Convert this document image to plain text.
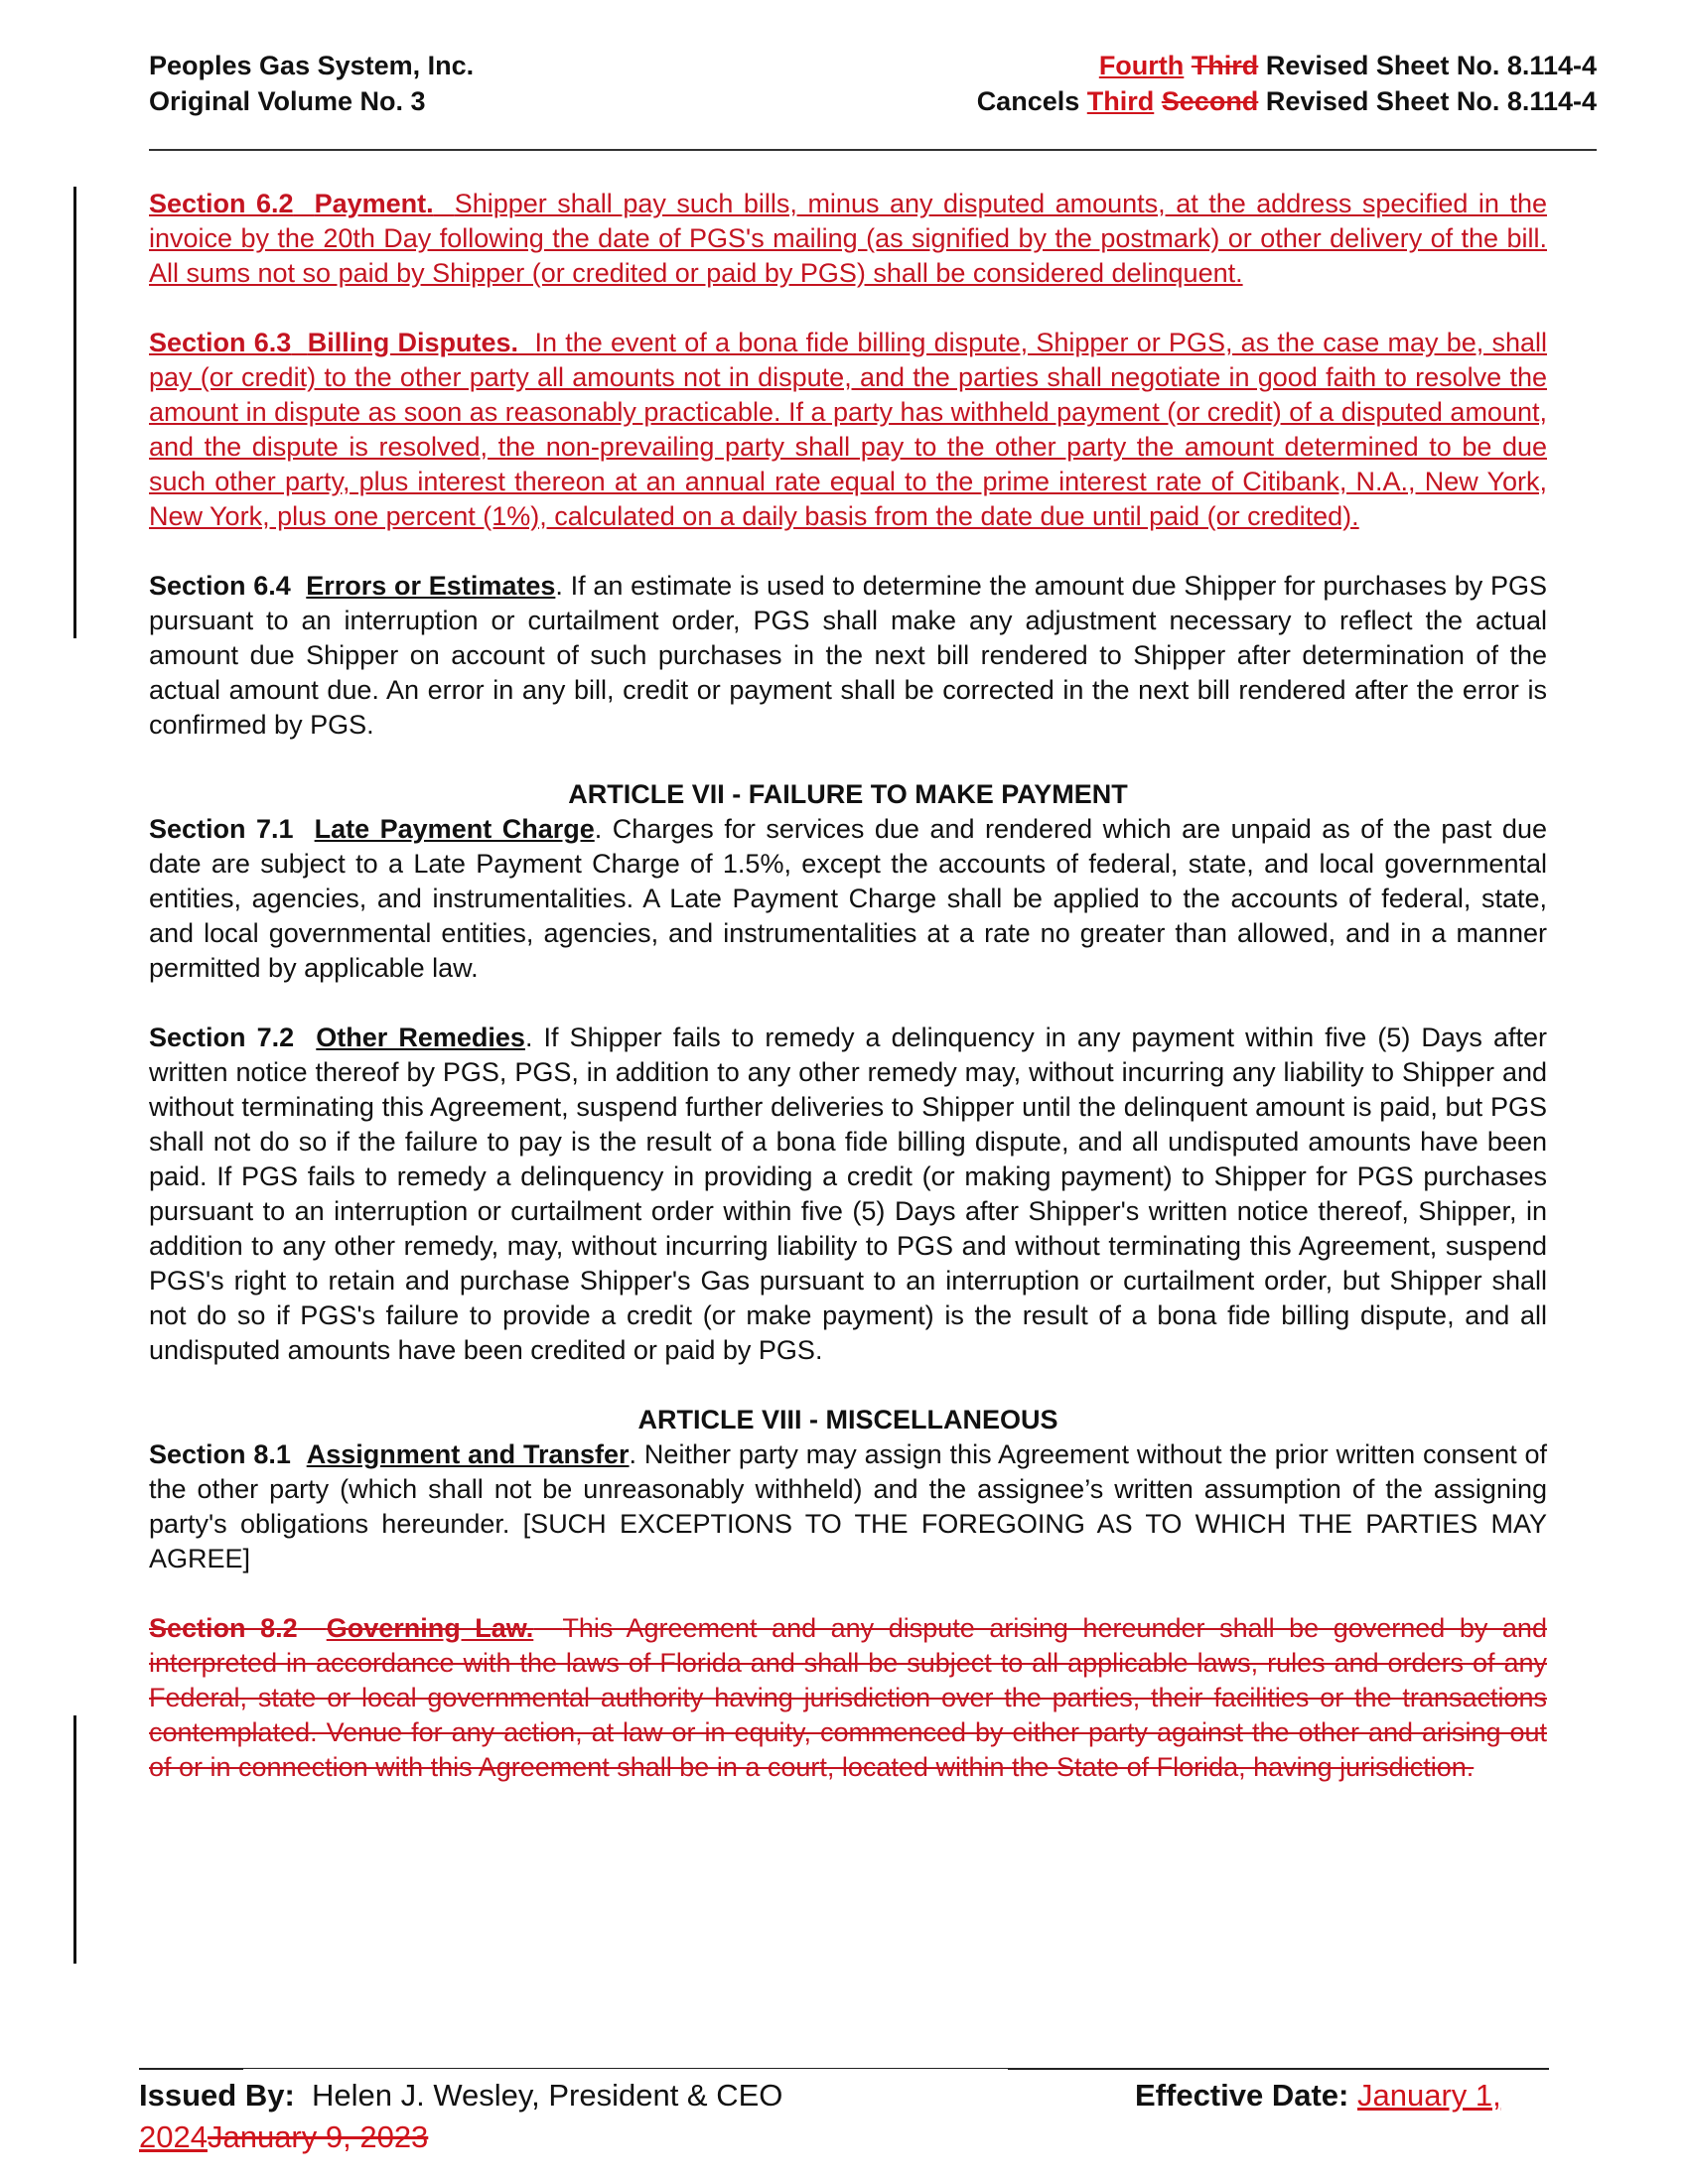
Peoples Gas System, Inc.
Original Volume No. 3
Fourth Third Revised Sheet No. 8.114-4
Cancels Third Second Revised Sheet No. 8.114-4

Section 6.2 Payment. Shipper shall pay such bills, minus any disputed amounts, at the address specified in the invoice by the 20th Day following the date of PGS's mailing (as signified by the postmark) or other delivery of the bill. All sums not so paid by Shipper (or credited or paid by PGS) shall be considered delinquent.

Section 6.3 Billing Disputes. In the event of a bona fide billing dispute, Shipper or PGS, as the case may be, shall pay (or credit) to the other party all amounts not in dispute, and the parties shall negotiate in good faith to resolve the amount in dispute as soon as reasonably practicable. If a party has withheld payment (or credit) of a disputed amount, and the dispute is resolved, the non-prevailing party shall pay to the other party the amount determined to be due such other party, plus interest thereon at an annual rate equal to the prime interest rate of Citibank, N.A., New York, New York, plus one percent (1%), calculated on a daily basis from the date due until paid (or credited).

Section 6.4 Errors or Estimates. If an estimate is used to determine the amount due Shipper for purchases by PGS pursuant to an interruption or curtailment order, PGS shall make any adjustment necessary to reflect the actual amount due Shipper on account of such purchases in the next bill rendered to Shipper after determination of the actual amount due. An error in any bill, credit or payment shall be corrected in the next bill rendered after the error is confirmed by PGS.

ARTICLE VII - FAILURE TO MAKE PAYMENT

Section 7.1 Late Payment Charge. Charges for services due and rendered which are unpaid as of the past due date are subject to a Late Payment Charge of 1.5%, except the accounts of federal, state, and local governmental entities, agencies, and instrumentalities. A Late Payment Charge shall be applied to the accounts of federal, state, and local governmental entities, agencies, and instrumentalities at a rate no greater than allowed, and in a manner permitted by applicable law.

Section 7.2 Other Remedies. If Shipper fails to remedy a delinquency in any payment within five (5) Days after written notice thereof by PGS, PGS, in addition to any other remedy may, without incurring any liability to Shipper and without terminating this Agreement, suspend further deliveries to Shipper until the delinquent amount is paid, but PGS shall not do so if the failure to pay is the result of a bona fide billing dispute, and all undisputed amounts have been paid. If PGS fails to remedy a delinquency in providing a credit (or making payment) to Shipper for PGS purchases pursuant to an interruption or curtailment order within five (5) Days after Shipper's written notice thereof, Shipper, in addition to any other remedy, may, without incurring liability to PGS and without terminating this Agreement, suspend PGS's right to retain and purchase Shipper's Gas pursuant to an interruption or curtailment order, but Shipper shall not do so if PGS's failure to provide a credit (or make payment) is the result of a bona fide billing dispute, and all undisputed amounts have been credited or paid by PGS.

ARTICLE VIII - MISCELLANEOUS

Section 8.1 Assignment and Transfer. Neither party may assign this Agreement without the prior written consent of the other party (which shall not be unreasonably withheld) and the assignee’s written assumption of the assigning party's obligations hereunder. [SUCH EXCEPTIONS TO THE FOREGOING AS TO WHICH THE PARTIES MAY AGREE]

Section 8.2 Governing Law. This Agreement and any dispute arising hereunder shall be governed by and interpreted in accordance with the laws of Florida and shall be subject to all applicable laws, rules and orders of any Federal, state or local governmental authority having jurisdiction over the parties, their facilities or the transactions contemplated. Venue for any action, at law or in equity, commenced by either party against the other and arising out of or in connection with this Agreement shall be in a court, located within the State of Florida, having jurisdiction.

Issued By: Helen J. Wesley, President & CEO	Effective Date: January 1,
2024January 9, 2023
